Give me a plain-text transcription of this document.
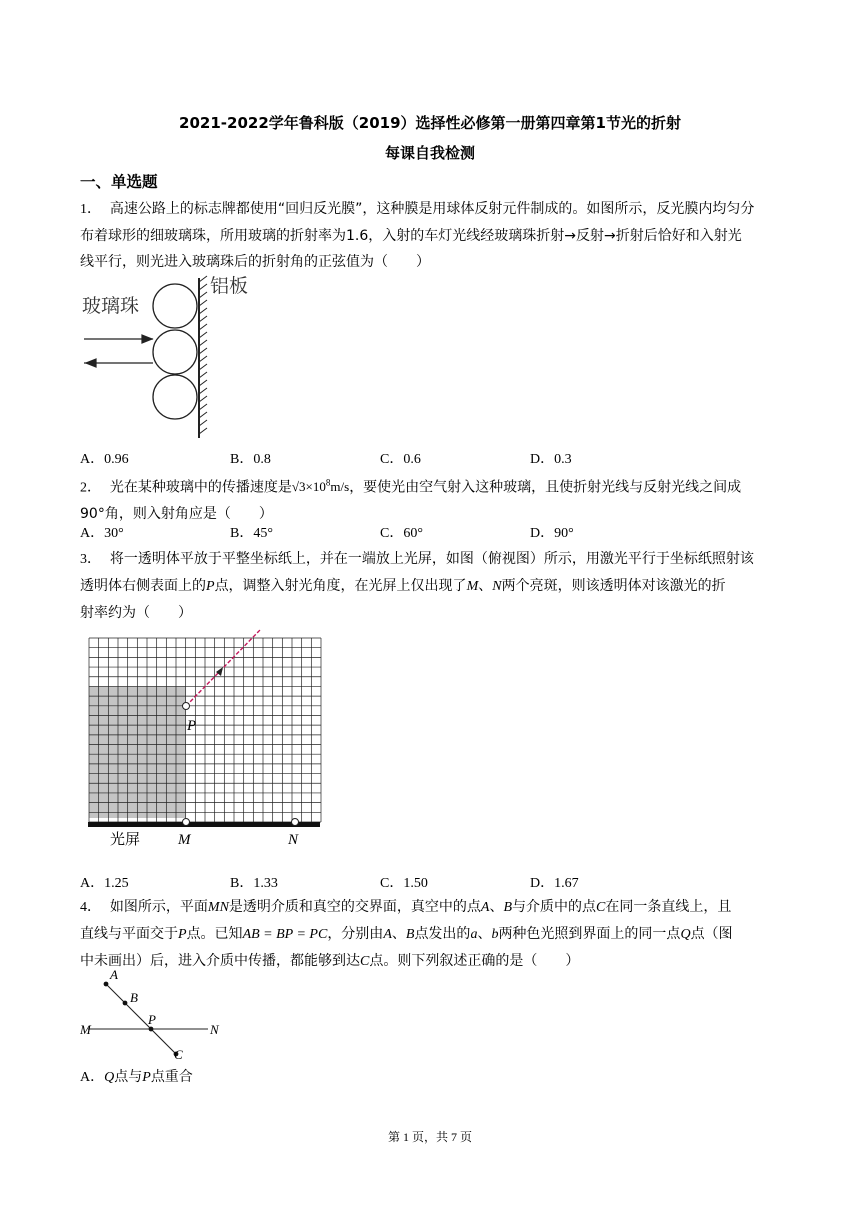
2021-2022学年鲁科版（2019）选择性必修第一册第四章第1节光的折射
每课自我检测
一、单选题
1． 高速公路上的标志牌都使用“回归反光膜”，这种膜是用球体反射元件制成的。如图所示，反光膜内均匀分
布着球形的细玻璃珠，所用玻璃的折射率为1.6，入射的车灯光线经玻璃珠折射→反射→折射后恰好和入射光
线平行，则光进入玻璃珠后的折射角的正弦值为（　　）
玻璃珠
铝板
A．0.96	B．0.8	C．0.6	D．0.3
2． 光在某种玻璃中的传播速度是$√3\times 10^8m/s$，要使光由空气射入这种玻璃，且使折射光线与反射光线之间成
90°角，则入射角应是（　　）
A．30°	B．45°	C．60°	D．90°
3． 将一透明体平放于平整坐标纸上，并在一端放上光屏，如图（俯视图）所示，用激光平行于坐标纸照射该
透明体右侧表面上的P点，调整入射光角度，在光屏上仅出现了M、N两个亮斑，则该透明体对该激光的折
射率约为（　　）
P
光屏	M	N
A．1.25	B．1.33	C．1.50	D．1.67
4． 如图所示，平面MN是透明介质和真空的交界面，真空中的点A、B与介质中的点C在同一条直线上，且
直线与平面交于P点。已知AB = BP = PC，分别由A、B点发出的a、b两种色光照到界面上的同一点Q点（图
中未画出）后，进入介质中传播，都能够到达C点。则下列叙述正确的是（　　）
A
B
P
C
M	N
A．Q点与P点重合
第 1 页，共 7 页
